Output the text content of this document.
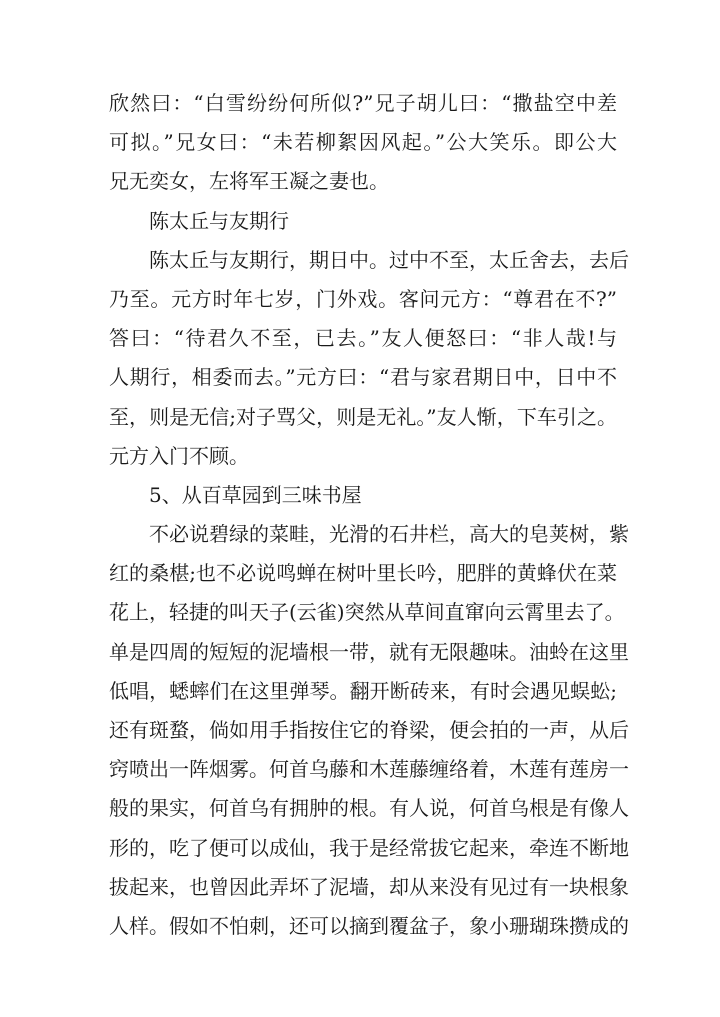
欣然曰：“白雪纷纷何所似?”兄子胡儿曰：“撒盐空中差
可拟。”兄女曰：“未若柳絮因风起。”公大笑乐。即公大
兄无奕女，左将军王凝之妻也。
陈太丘与友期行
陈太丘与友期行，期日中。过中不至，太丘舍去，去后
乃至。元方时年七岁，门外戏。客问元方：“尊君在不?”
答曰：“待君久不至，已去。”友人便怒曰：“非人哉!与
人期行，相委而去。”元方曰：“君与家君期日中，日中不
至，则是无信;对子骂父，则是无礼。”友人惭，下车引之。
元方入门不顾。
5、从百草园到三味书屋
不必说碧绿的菜畦，光滑的石井栏，高大的皂荚树，紫
红的桑椹;也不必说鸣蝉在树叶里长吟，肥胖的黄蜂伏在菜
花上，轻捷的叫天子(云雀)突然从草间直窜向云霄里去了。
单是四周的短短的泥墙根一带，就有无限趣味。油蛉在这里
低唱，蟋蟀们在这里弹琴。翻开断砖来，有时会遇见蜈蚣;
还有斑蝥，倘如用手指按住它的脊梁，便会拍的一声，从后
窍喷出一阵烟雾。何首乌藤和木莲藤缠络着，木莲有莲房一
般的果实，何首乌有拥肿的根。有人说，何首乌根是有像人
形的，吃了便可以成仙，我于是经常拔它起来，牵连不断地
拔起来，也曾因此弄坏了泥墙，却从来没有见过有一块根象
人样。假如不怕刺，还可以摘到覆盆子，象小珊瑚珠攒成的
